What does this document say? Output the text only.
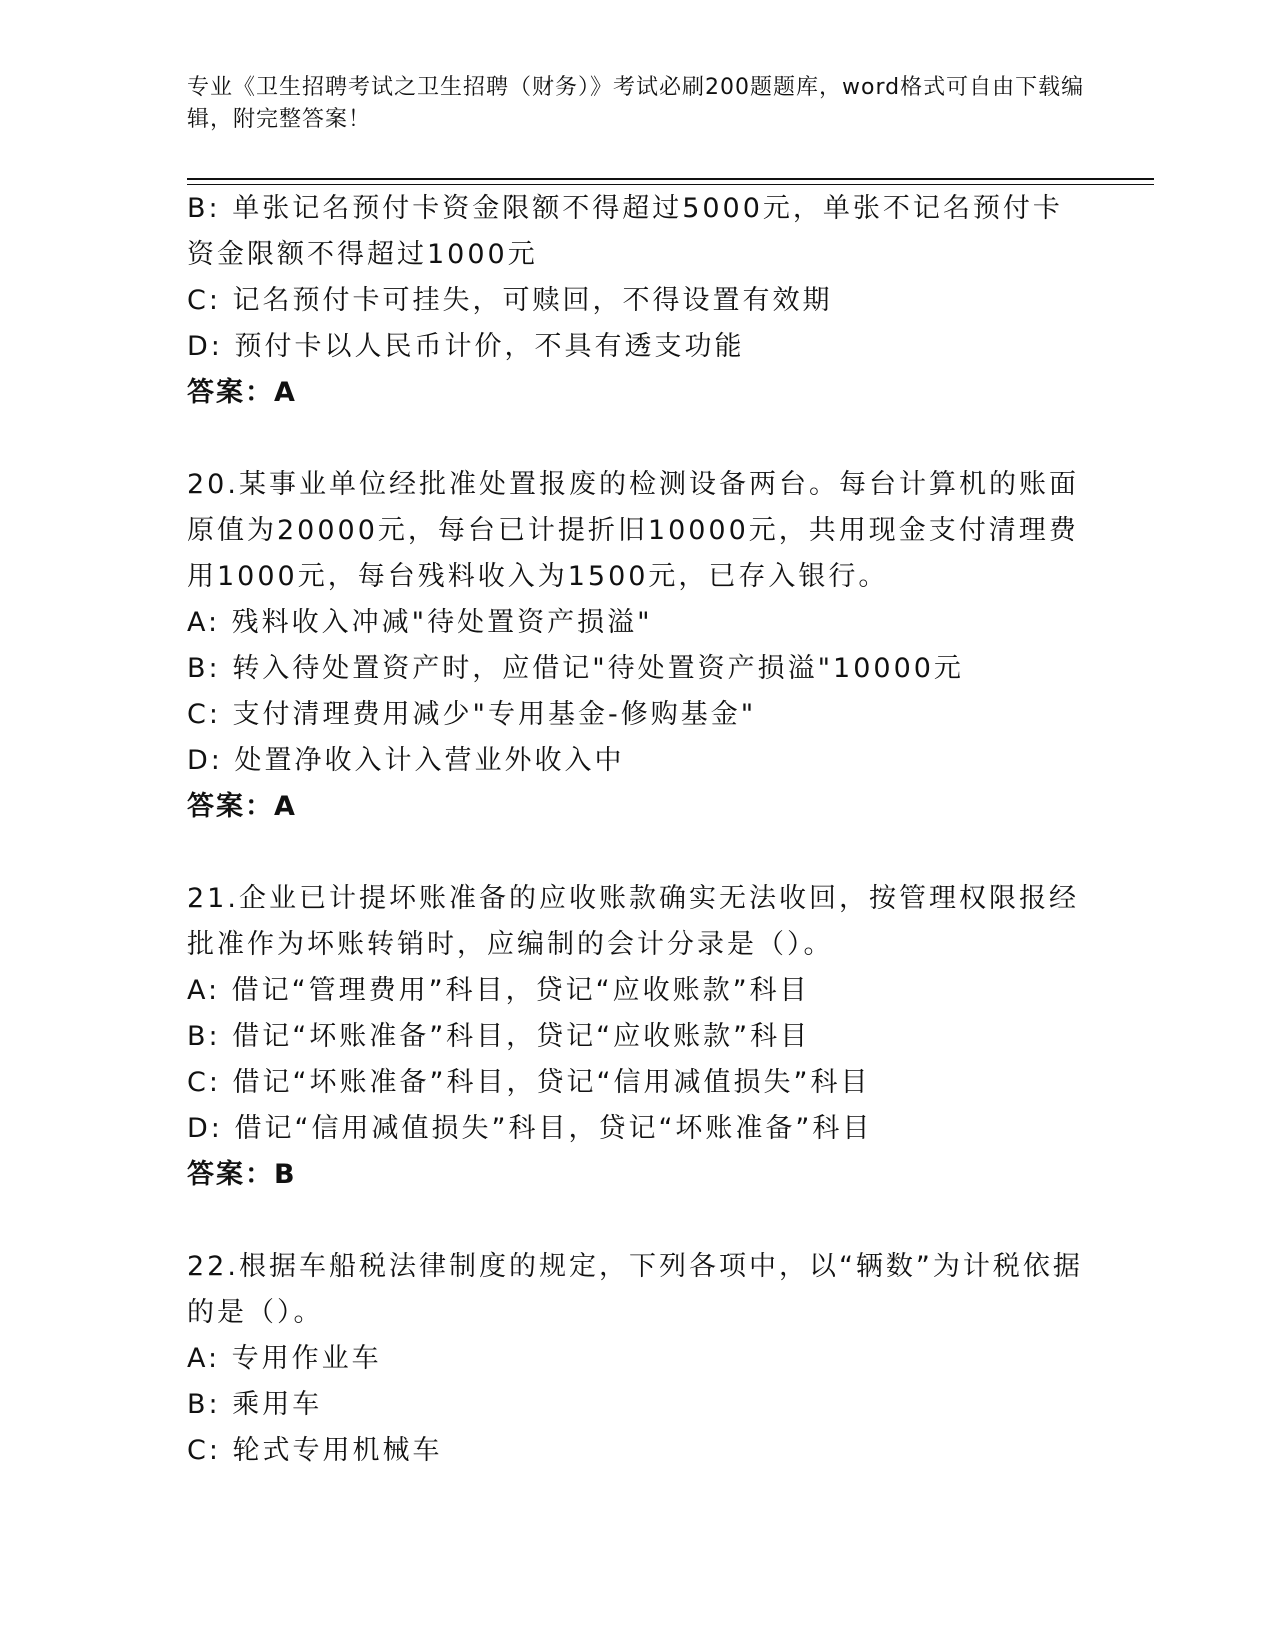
专业《卫生招聘考试之卫生招聘（财务）》考试必刷200题题库，word格式可自由下载编辑，附完整答案！

B: 单张记名预付卡资金限额不得超过5000元，单张不记名预付卡资金限额不得超过1000元

C: 记名预付卡可挂失，可赎回，不得设置有效期

D: 预付卡以人民币计价，不具有透支功能

答案：A

20.某事业单位经批准处置报废的检测设备两台。每台计算机的账面原值为20000元，每台已计提折旧10000元，共用现金支付清理费用1000元，每台残料收入为1500元，已存入银行。

A: 残料收入冲减"待处置资产损溢"

B: 转入待处置资产时，应借记"待处置资产损溢"10000元

C: 支付清理费用减少"专用基金-修购基金"

D: 处置净收入计入营业外收入中

答案：A

21.企业已计提坏账准备的应收账款确实无法收回，按管理权限报经批准作为坏账转销时，应编制的会计分录是（）。

A: 借记“管理费用”科目，贷记“应收账款”科目

B: 借记“坏账准备”科目，贷记“应收账款”科目

C: 借记“坏账准备”科目，贷记“信用减值损失”科目

D: 借记“信用减值损失”科目，贷记“坏账准备”科目

答案：B

22.根据车船税法律制度的规定，下列各项中，以“辆数”为计税依据的是（）。

A: 专用作业车

B: 乘用车

C: 轮式专用机械车
